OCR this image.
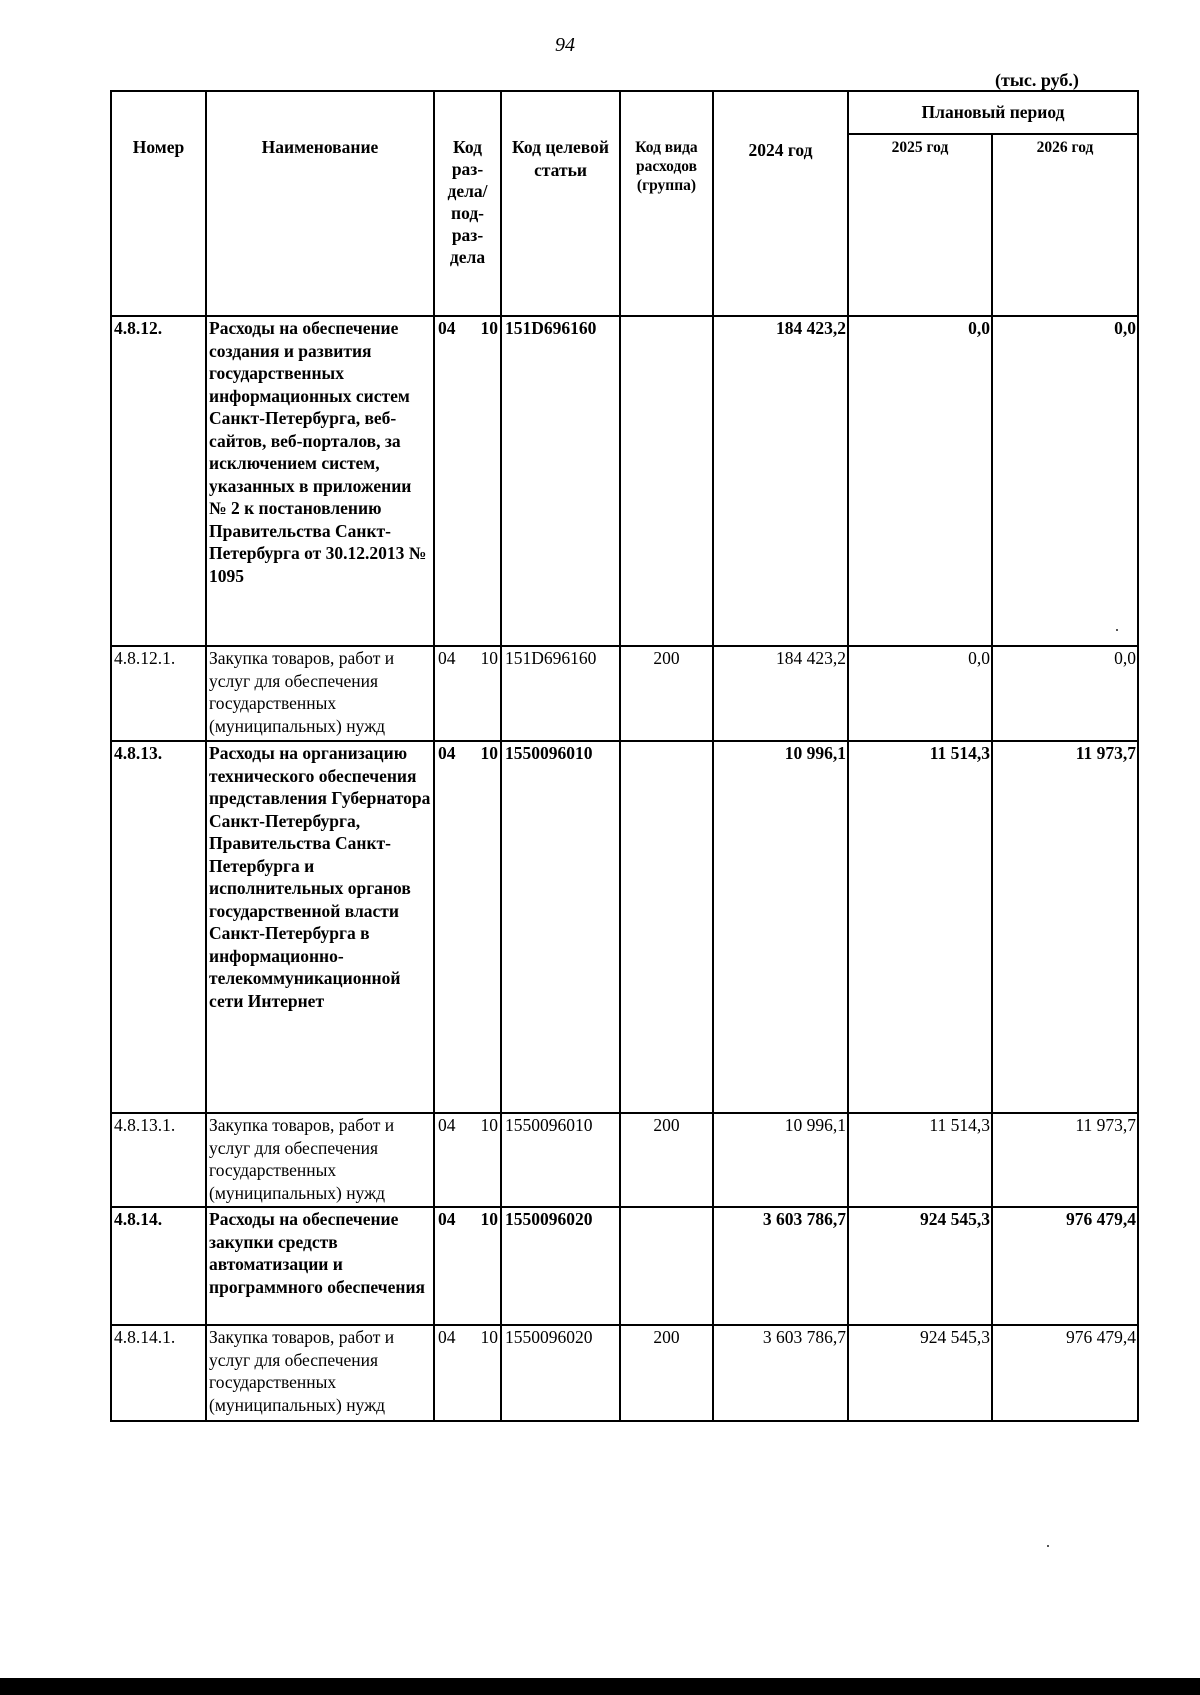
94
(тыс. руб.)
Номер	Наименование	Код раз-дела/ под-раз-дела	Код целевой статьи	Код вида расходов (группа)	2024 год	Плановый период	

						2025 год	2026 год

4.8.12.	Расходы на обеспечение создания и развития государственных информационных систем Санкт-Петербурга, веб-сайтов, веб-порталов, за исключением систем, указанных в приложении № 2 к постановлению Правительства Санкт-Петербурга от 30.12.2013 № 1095	04 10	151D696160		184 423,2	0,0	0,0
4.8.12.1.	Закупка товаров, работ и услуг для обеспечения государственных (муниципальных) нужд	04 10	151D696160	200	184 423,2	0,0	0,0
4.8.13.	Расходы на организацию технического обеспечения представления Губернатора Санкт-Петербурга, Правительства Санкт-Петербурга и исполнительных органов государственной власти Санкт-Петербурга в информационно-телекоммуникационной сети Интернет	04 10	1550096010		10 996,1	11 514,3	11 973,7
4.8.13.1.	Закупка товаров, работ и услуг для обеспечения государственных (муниципальных) нужд	04 10	1550096010	200	10 996,1	11 514,3	11 973,7
4.8.14.	Расходы на обеспечение закупки средств автоматизации и программного обеспечения	04 10	1550096020		3 603 786,7	924 545,3	976 479,4
4.8.14.1.	Закупка товаров, работ и услуг для обеспечения государственных (муниципальных) нужд	04 10	1550096020	200	3 603 786,7	924 545,3	976 479,4
